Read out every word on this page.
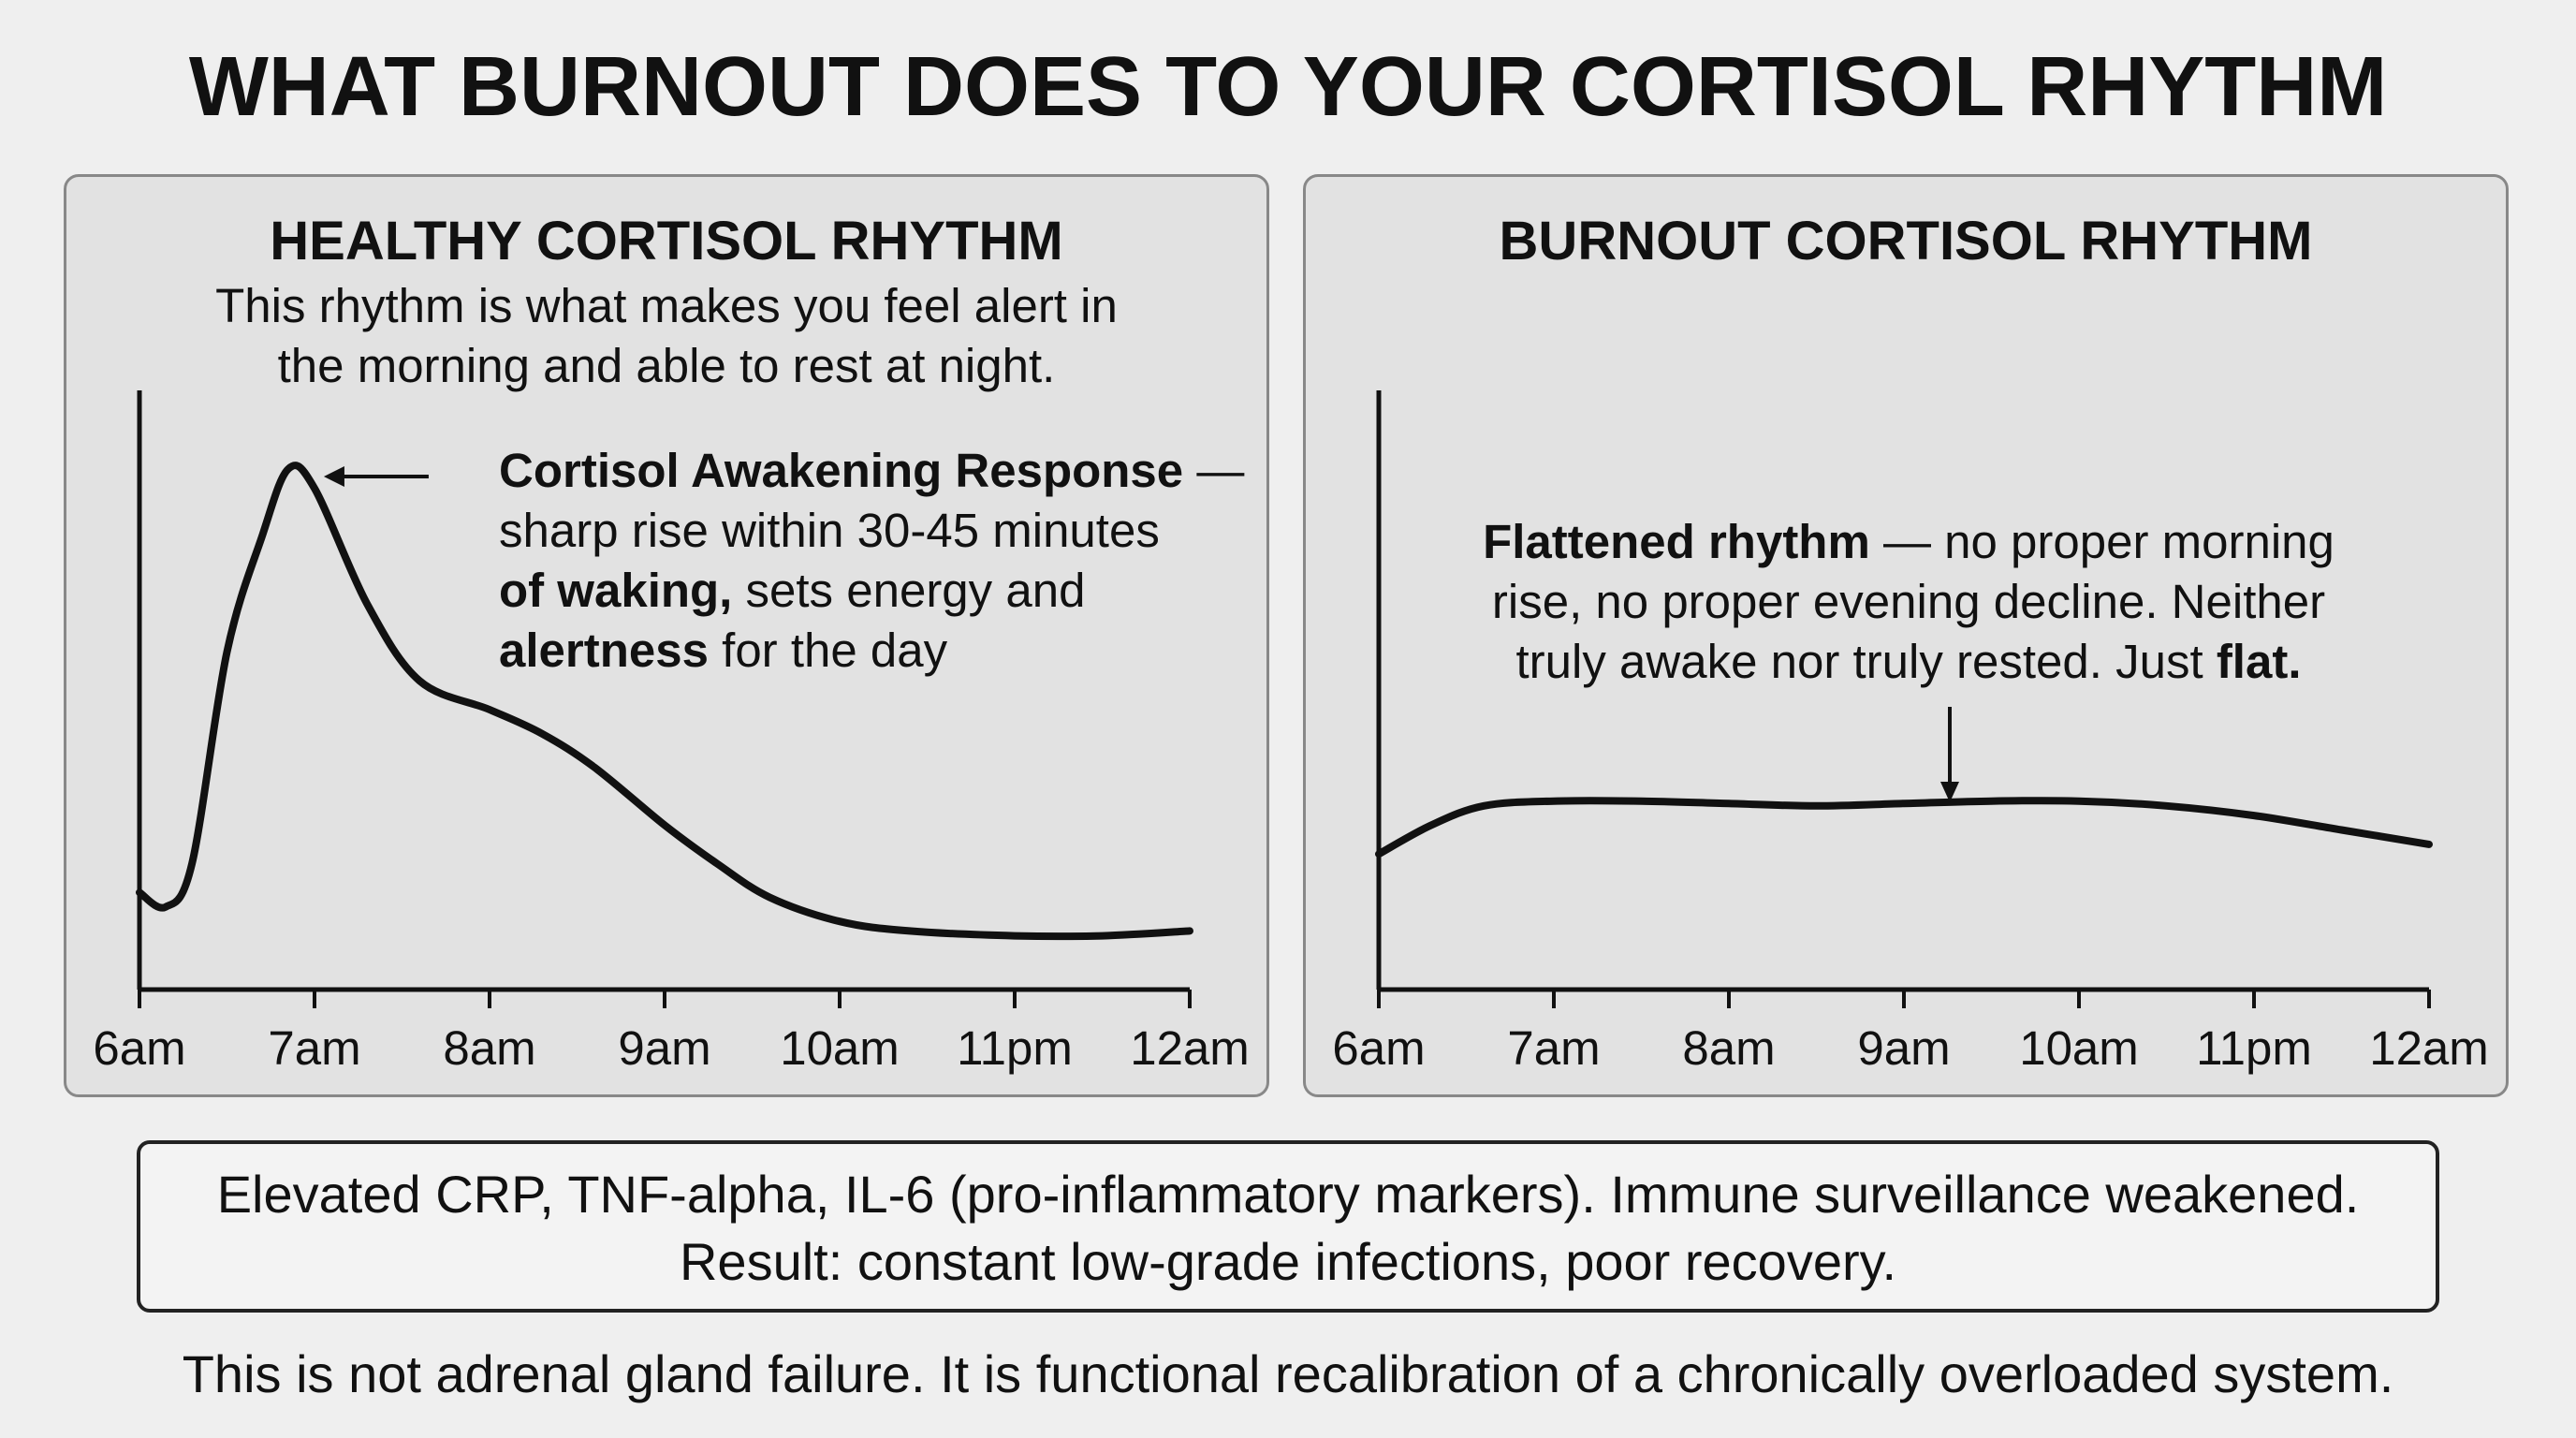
WHAT BURNOUT DOES TO YOUR CORTISOL RHYTHM
HEALTHY CORTISOL RHYTHM
This rhythm is what makes you feel alert in
the morning and able to rest at night.
6am 7am 8am 9am 10am 11pm 12am
Cortisol Awakening Response —
sharp rise within 30-45 minutes
of waking, sets energy and
alertness for the day
BURNOUT CORTISOL RHYTHM
6am 7am 8am 9am 10am 11pm 12am
Flattened rhythm — no proper morning
rise, no proper evening decline. Neither
truly awake nor truly rested. Just flat.
Elevated CRP, TNF-alpha, IL-6 (pro-inflammatory markers). Immune surveillance weakened.
Result: constant low-grade infections, poor recovery.
This is not adrenal gland failure. It is functional recalibration of a chronically overloaded system.
